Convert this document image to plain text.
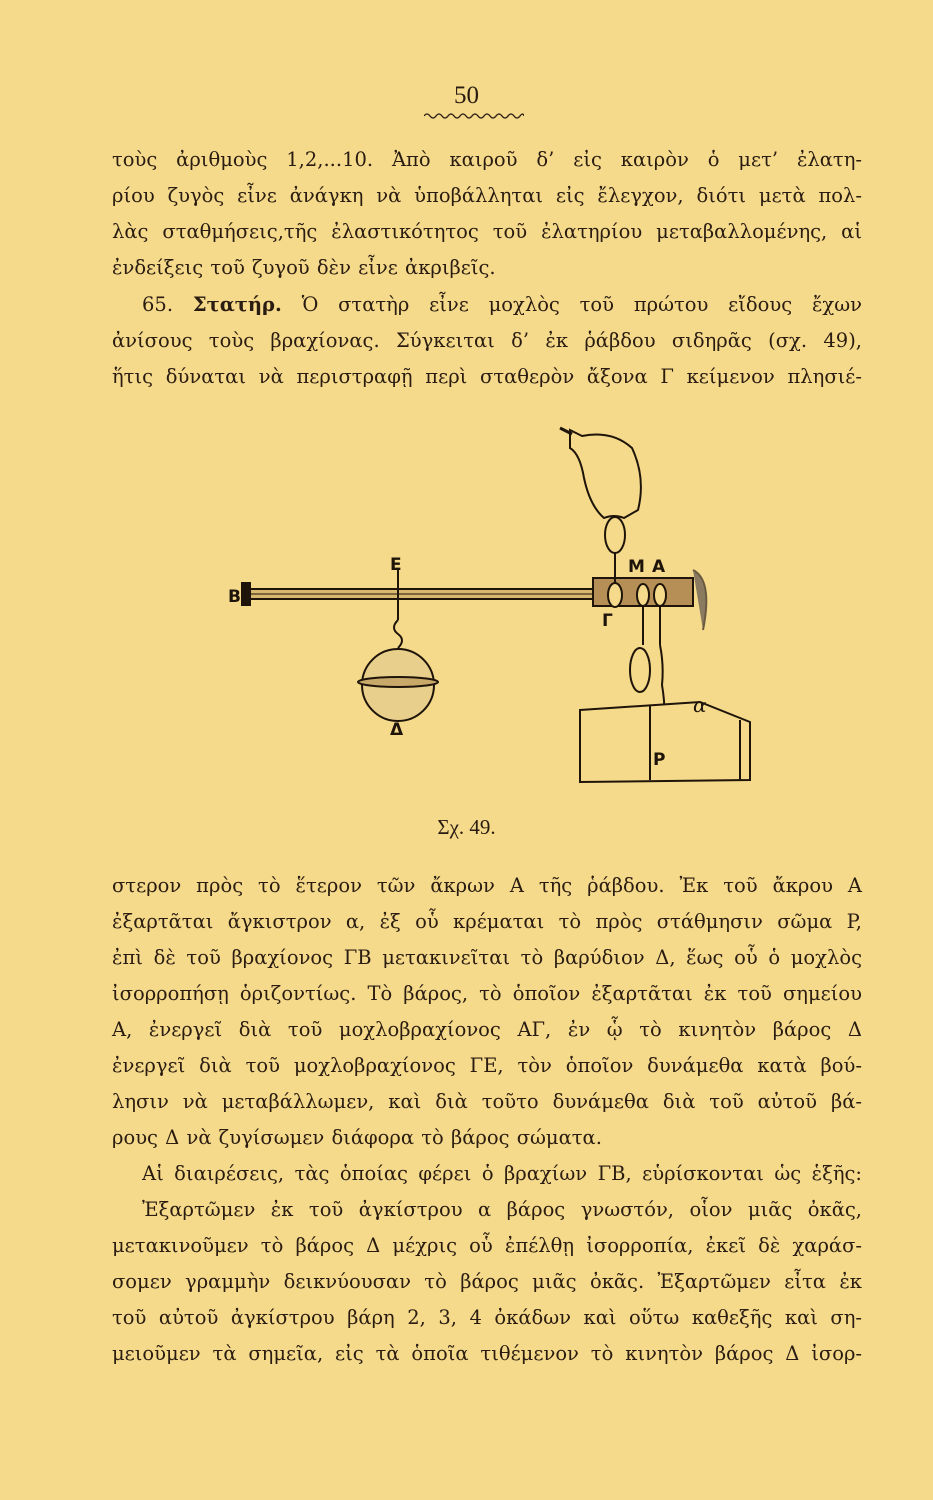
50
τοὺς ἀριθμοὺς 1,2,...10. Ἀπὸ καιροῦ δ’ εἰς καιρὸν ὁ μετ’ ἐλατη-
ρίου ζυγὸς εἶνε ἀνάγκη νὰ ὑποβάλληται εἰς ἔλεγχον, διότι μετὰ πολ-
λὰς σταθμήσεις,τῆς ἐλαστικότητος τοῦ ἐλατηρίου μεταβαλλομένης, αἱ
ἐνδείξεις τοῦ ζυγοῦ δὲν εἶνε ἀκριβεῖς.
65. Στατήρ. Ὁ στατὴρ εἶνε μοχλὸς τοῦ πρώτου εἴδους ἔχων
ἀνίσους τοὺς βραχίονας. Σύγκειται δ’ ἐκ ῥάβδου σιδηρᾶς (σχ. 49),
ἥτις δύναται νὰ περιστραφῇ περὶ σταθερὸν ἄξονα Γ κείμενον πλησιέ-
B
E	M A
Γ
Δ
P
α
Σχ. 49.
στερον πρὸς τὸ ἕτερον τῶν ἄκρων A τῆς ῥάβδου. Ἐκ τοῦ ἄκρου A
ἐξαρτᾶται ἄγκιστρον α, ἐξ οὗ κρέμαται τὸ πρὸς στάθμησιν σῶμα P,
ἐπὶ δὲ τοῦ βραχίονος ΓΒ μετακινεῖται τὸ βαρύδιον Δ, ἕως οὗ ὁ μοχλὸς
ἰσορροπήσῃ ὁριζοντίως. Τὸ βάρος, τὸ ὁποῖον ἐξαρτᾶται ἐκ τοῦ σημείου
A, ἐνεργεῖ διὰ τοῦ μοχλοβραχίονος ΑΓ, ἐν ᾧ τὸ κινητὸν βάρος Δ
ἐνεργεῖ διὰ τοῦ μοχλοβραχίονος ΓΕ, τὸν ὁποῖον δυνάμεθα κατὰ βού-
λησιν νὰ μεταβάλλωμεν, καὶ διὰ τοῦτο δυνάμεθα διὰ τοῦ αὐτοῦ βά-
ρους Δ νὰ ζυγίσωμεν διάφορα τὸ βάρος σώματα.
Αἱ διαιρέσεις, τὰς ὁποίας φέρει ὁ βραχίων ΓΒ, εὑρίσκονται ὡς ἑξῆς:
Ἐξαρτῶμεν ἐκ τοῦ ἀγκίστρου α βάρος γνωστόν, οἷον μιᾶς ὀκᾶς,
μετακινοῦμεν τὸ βάρος Δ μέχρις οὗ ἐπέλθῃ ἰσορροπία, ἐκεῖ δὲ χαράσ-
σομεν γραμμὴν δεικνύουσαν τὸ βάρος μιᾶς ὀκᾶς. Ἐξαρτῶμεν εἶτα ἐκ
τοῦ αὐτοῦ ἀγκίστρου βάρη 2, 3, 4 ὀκάδων καὶ οὕτω καθεξῆς καὶ ση-
μειοῦμεν τὰ σημεῖα, εἰς τὰ ὁποῖα τιθέμενον τὸ κινητὸν βάρος Δ ἰσορ-
